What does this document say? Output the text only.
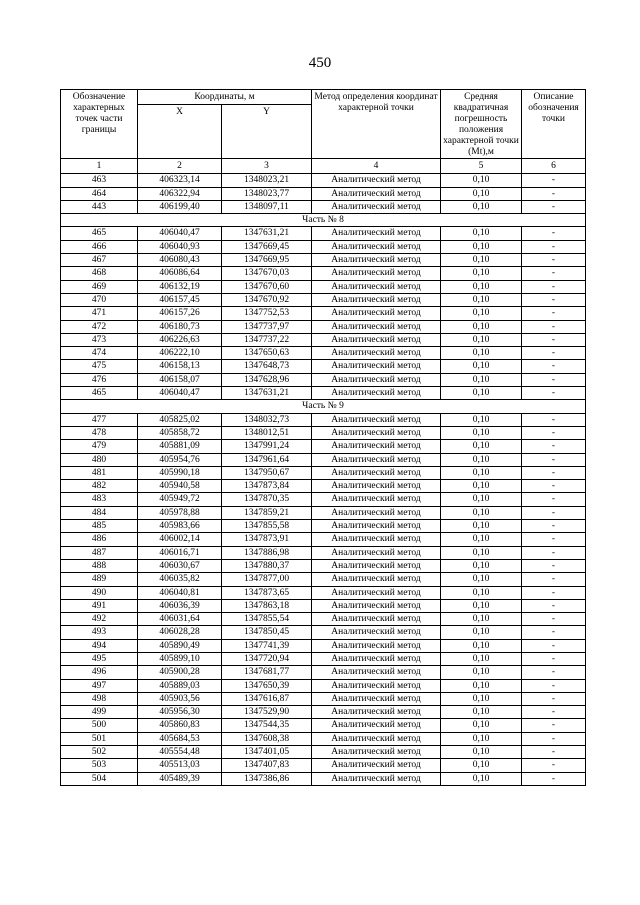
450
Обозначение характерных точек части границы	Координаты, м		Метод определения координат характерной точки	Средняя квадратичная погрешность положения характерной точки (Mt),м	Описание обозначения точки
	X	Y			
1	2	3	4	5	6
463	406323,14	1348023,21	Аналитический метод	0,10	-
464	406322,94	1348023,77	Аналитический метод	0,10	-
443	406199,40	1348097,11	Аналитический метод	0,10	-
Часть № 8					
465	406040,47	1347631,21	Аналитический метод	0,10	-
466	406040,93	1347669,45	Аналитический метод	0,10	-
467	406080,43	1347669,95	Аналитический метод	0,10	-
468	406086,64	1347670,03	Аналитический метод	0,10	-
469	406132,19	1347670,60	Аналитический метод	0,10	-
470	406157,45	1347670,92	Аналитический метод	0,10	-
471	406157,26	1347752,53	Аналитический метод	0,10	-
472	406180,73	1347737,97	Аналитический метод	0,10	-
473	406226,63	1347737,22	Аналитический метод	0,10	-
474	406222,10	1347650,63	Аналитический метод	0,10	-
475	406158,13	1347648,73	Аналитический метод	0,10	-
476	406158,07	1347628,96	Аналитический метод	0,10	-
465	406040,47	1347631,21	Аналитический метод	0,10	-
Часть № 9					
477	405825,02	1348032,73	Аналитический метод	0,10	-
478	405858,72	1348012,51	Аналитический метод	0,10	-
479	405881,09	1347991,24	Аналитический метод	0,10	-
480	405954,76	1347961,64	Аналитический метод	0,10	-
481	405990,18	1347950,67	Аналитический метод	0,10	-
482	405940,58	1347873,84	Аналитический метод	0,10	-
483	405949,72	1347870,35	Аналитический метод	0,10	-
484	405978,88	1347859,21	Аналитический метод	0,10	-
485	405983,66	1347855,58	Аналитический метод	0,10	-
486	406002,14	1347873,91	Аналитический метод	0,10	-
487	406016,71	1347886,98	Аналитический метод	0,10	-
488	406030,67	1347880,37	Аналитический метод	0,10	-
489	406035,82	1347877,00	Аналитический метод	0,10	-
490	406040,81	1347873,65	Аналитический метод	0,10	-
491	406036,39	1347863,18	Аналитический метод	0,10	-
492	406031,64	1347855,54	Аналитический метод	0,10	-
493	406028,28	1347850,45	Аналитический метод	0,10	-
494	405890,49	1347741,39	Аналитический метод	0,10	-
495	405899,10	1347720,94	Аналитический метод	0,10	-
496	405900,28	1347681,77	Аналитический метод	0,10	-
497	405889,03	1347650,39	Аналитический метод	0,10	-
498	405903,56	1347616,87	Аналитический метод	0,10	-
499	405956,30	1347529,90	Аналитический метод	0,10	-
500	405860,83	1347544,35	Аналитический метод	0,10	-
501	405684,53	1347608,38	Аналитический метод	0,10	-
502	405554,48	1347401,05	Аналитический метод	0,10	-
503	405513,03	1347407,83	Аналитический метод	0,10	-
504	405489,39	1347386,86	Аналитический метод	0,10	-
